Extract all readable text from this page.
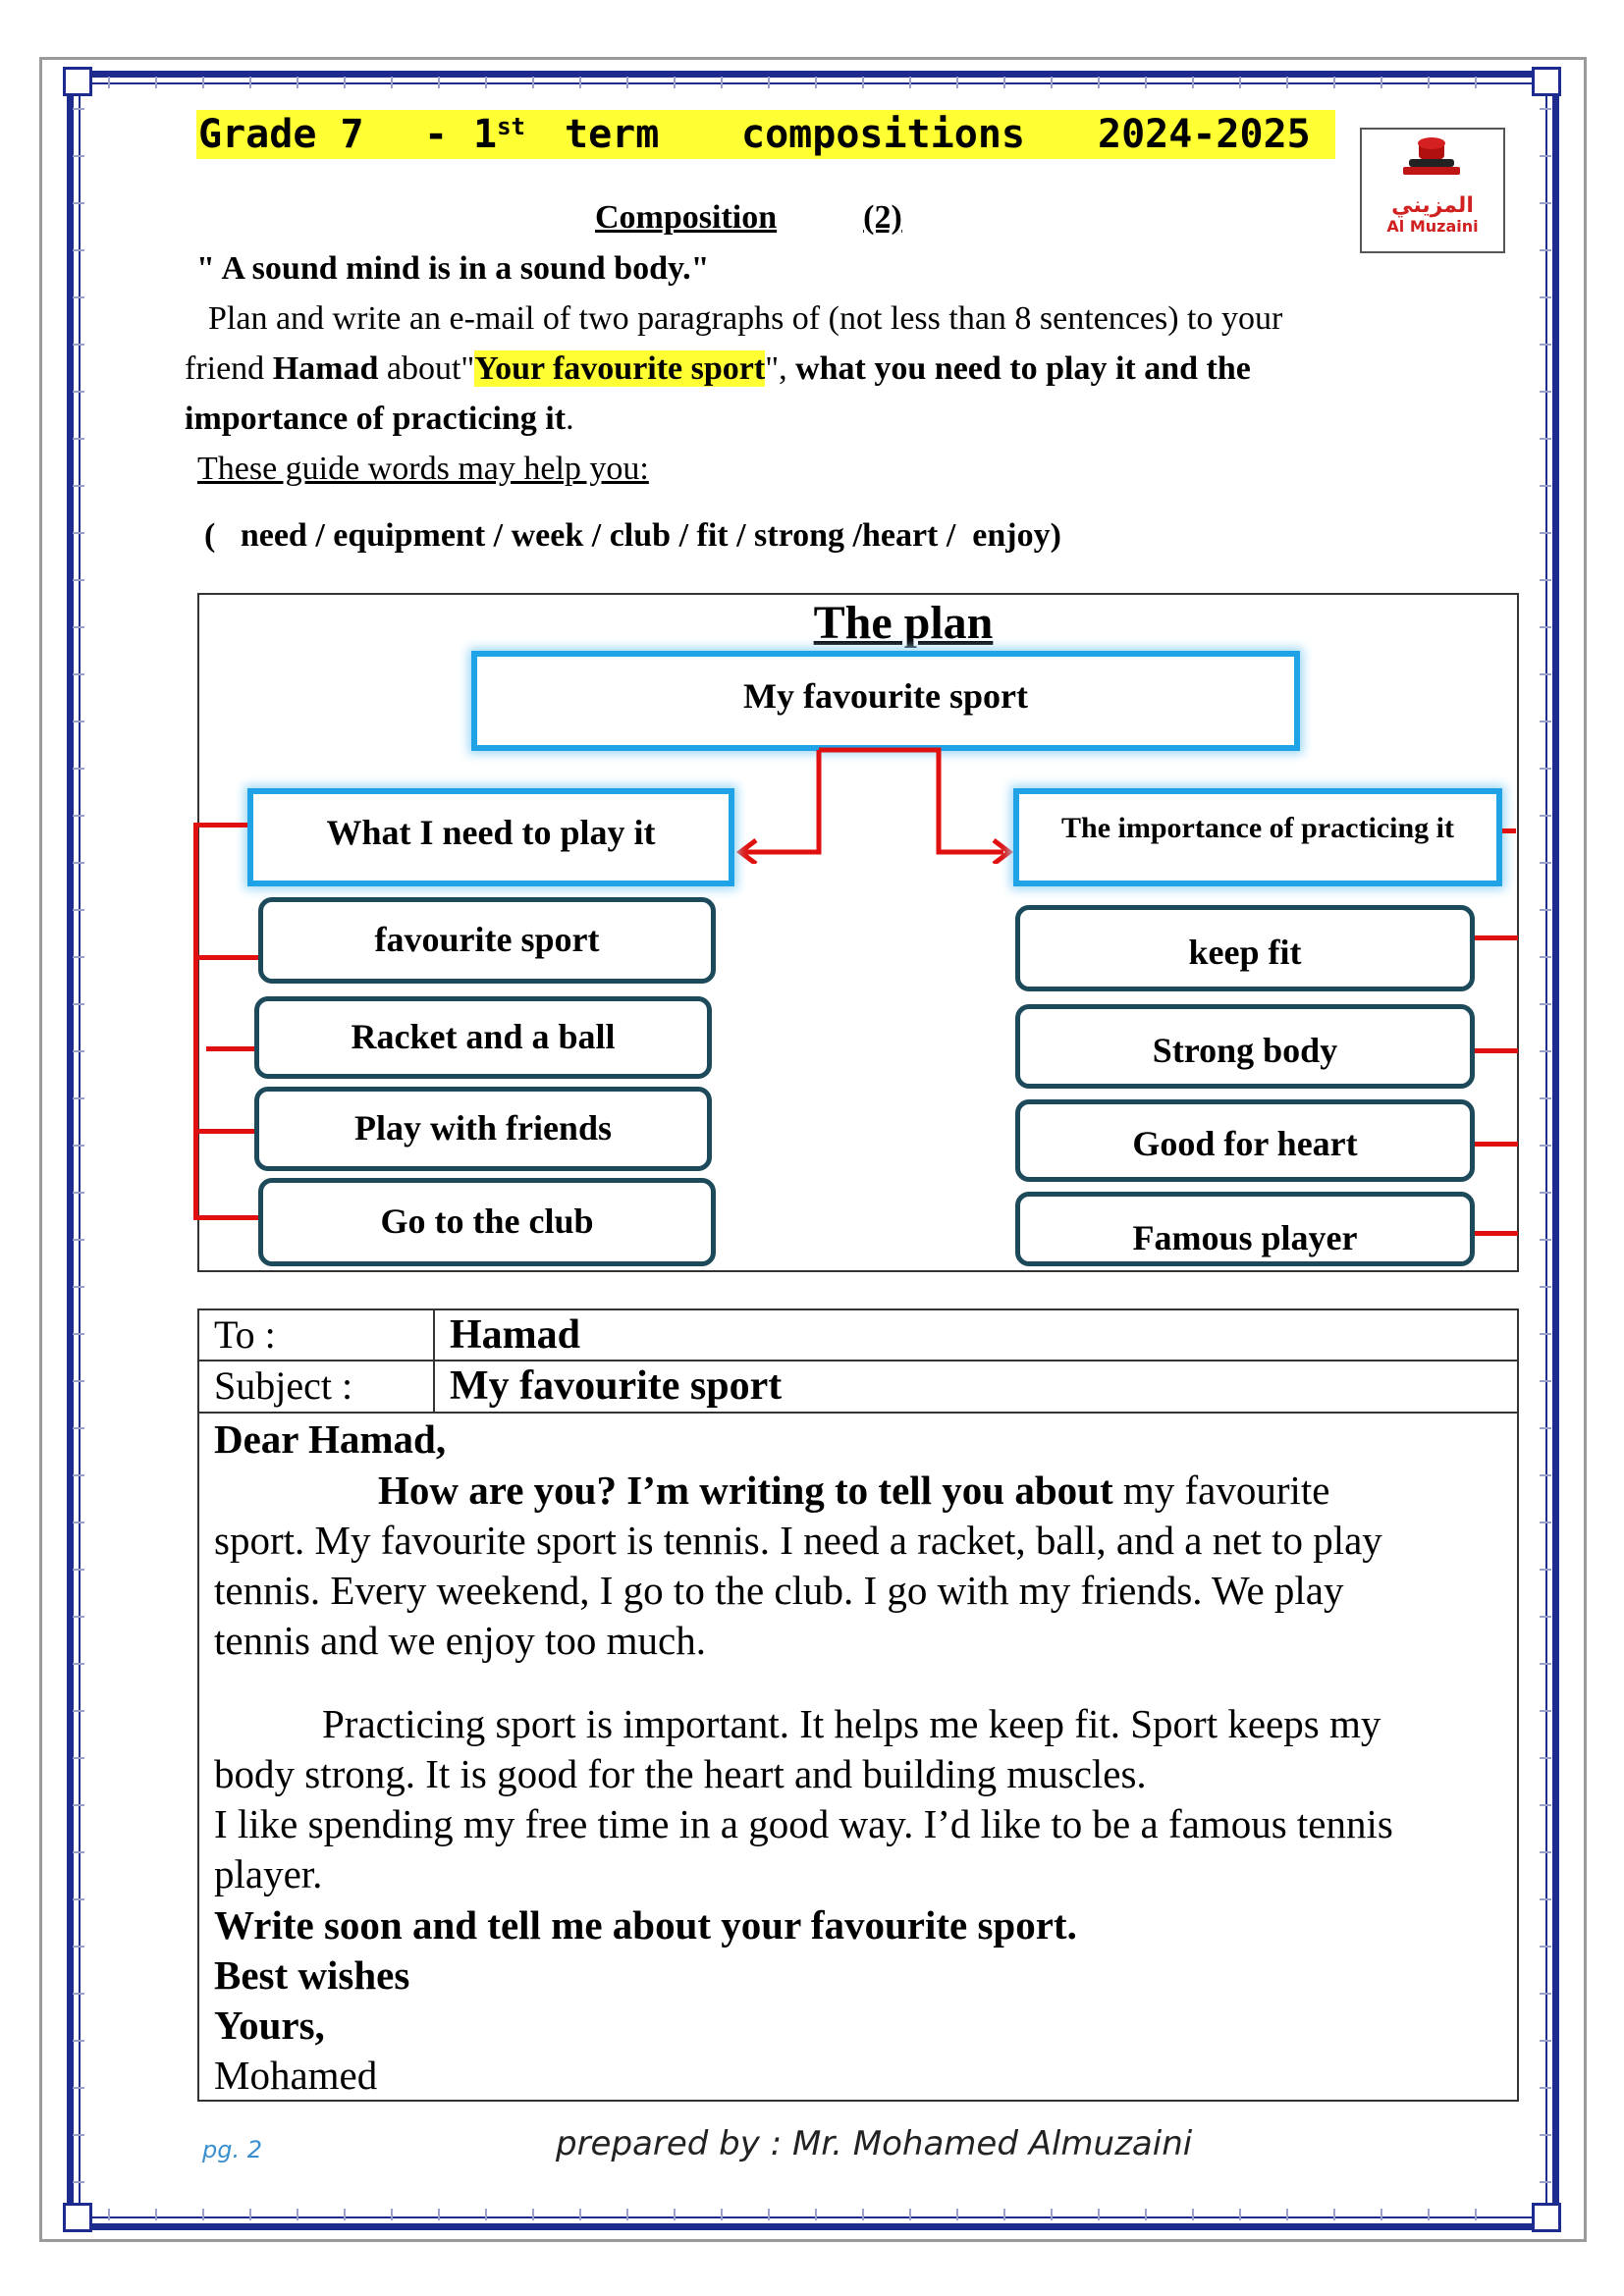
Grade 7 - 1st term compositions 2024-2025
المزيني
Al Muzaini
Composition	(2)
" A sound mind is in a sound body."
Plan and write an e-mail of two paragraphs of (not less than 8 sentences) to your
friend Hamad about"Your favourite sport", what you need to play it and the
importance of practicing it.
These guide words may help you:
(   need / equipment / week / club / fit / strong /heart /  enjoy)
The plan
My favourite sport
What I need to play it	The importance of practicing it
favourite sport
Racket and a ball
Play with friends
Go to the club
keep fit
Strong body
Good for heart
Famous player
To :	Hamad
Subject : My favourite sport
Dear Hamad,
How are you? I’m writing to tell you about my favourite
sport. My favourite sport is tennis. I need a racket, ball, and a net to play
tennis. Every weekend, I go to the club. I go with my friends. We play
tennis and we enjoy too much.
Practicing sport is important. It helps me keep fit. Sport keeps my
body strong. It is good for the heart and building muscles.
I like spending my free time in a good way. I’d like to be a famous tennis
player.
Write soon and tell me about your favourite sport.
Best wishes
Yours,
Mohamed
pg. 2	prepared by : Mr. Mohamed Almuzaini
